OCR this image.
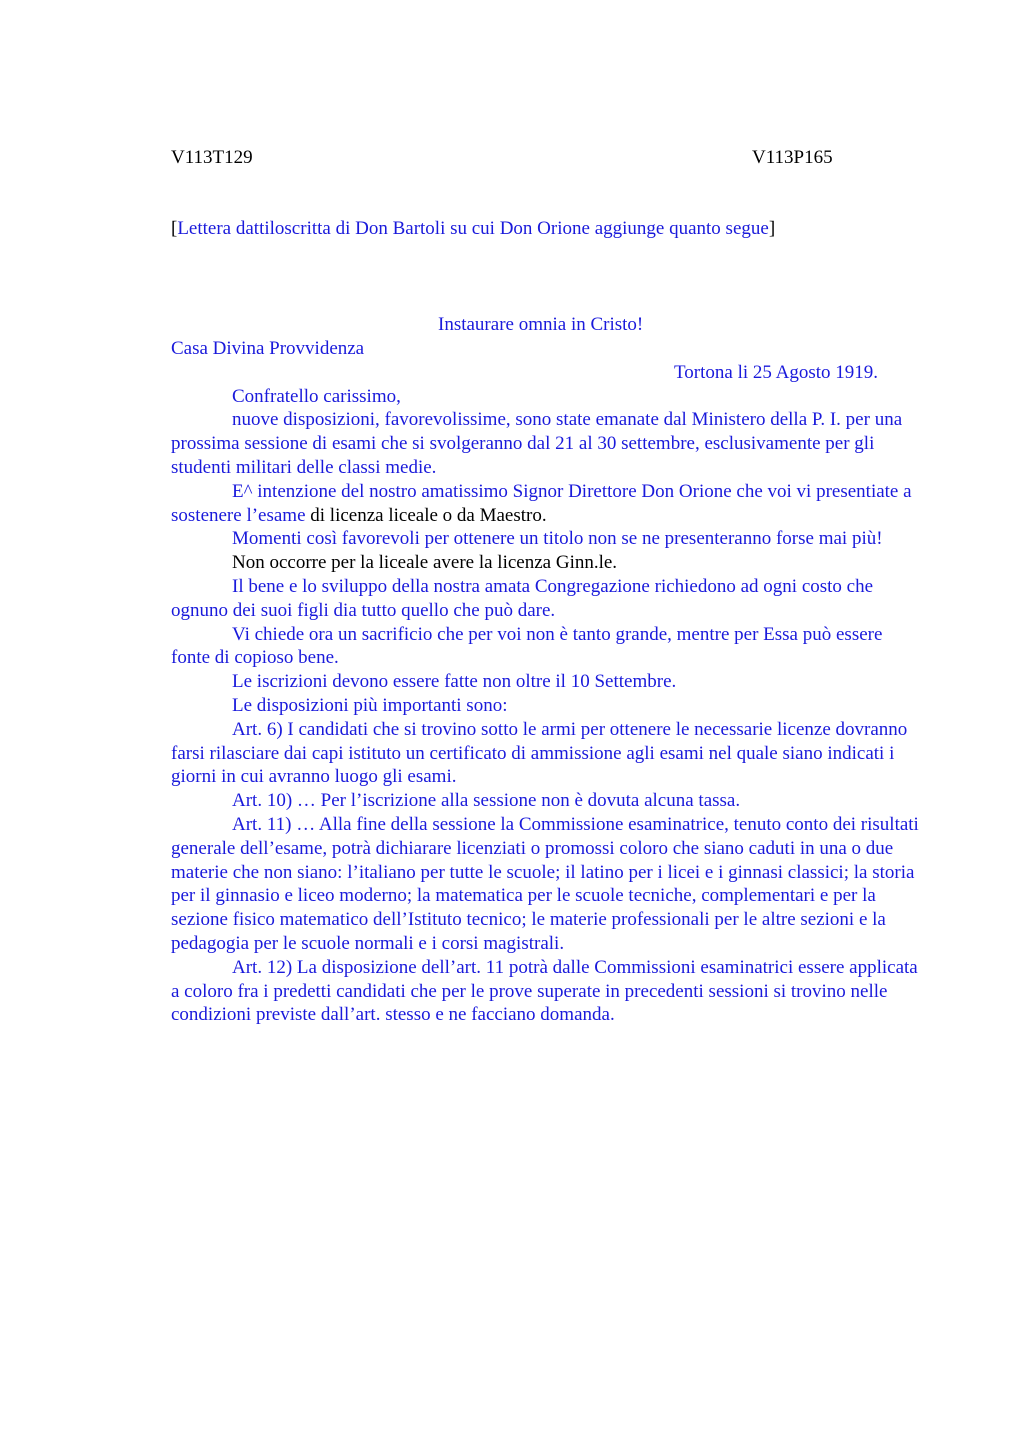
V113T129	V113P165
[Lettera dattiloscritta di Don Bartoli su cui Don Orione aggiunge quanto segue]
Instaurare omnia in Cristo!

Casa Divina Provvidenza

Tortona li 25 Agosto 1919.

Confratello carissimo,

nuove disposizioni, favorevolissime, sono state emanate dal Ministero della P. I. per una prossima sessione di esami che si svolgeranno dal 21 al 30 settembre, esclusivamente per gli studenti militari delle classi medie.

E^ intenzione del nostro amatissimo Signor Direttore Don Orione che voi vi presentiate a sostenere l’esame di licenza liceale o da Maestro.

Momenti così favorevoli per ottenere un titolo non se ne presenteranno forse mai più!

Non occorre per la liceale avere la licenza Ginn.le.

Il bene e lo sviluppo della nostra amata Congregazione richiedono ad ogni costo che ognuno dei suoi figli dia tutto quello che può dare.

Vi chiede ora un sacrificio che per voi non è tanto grande, mentre per Essa può essere fonte di copioso bene.

Le iscrizioni devono essere fatte non oltre il 10 Settembre.

Le disposizioni più importanti sono:

Art. 6) I candidati che si trovino sotto le armi per ottenere le necessarie licenze dovranno farsi rilasciare dai capi istituto un certificato di ammissione agli esami nel quale siano indicati i giorni in cui avranno luogo gli esami.

Art. 10) … Per l’iscrizione alla sessione non è dovuta alcuna tassa.

Art. 11) … Alla fine della sessione la Commissione esaminatrice, tenuto conto dei risultati generale dell’esame, potrà dichiarare licenziati o promossi coloro che siano caduti in una o due materie che non siano: l’italiano per tutte le scuole; il latino per i licei e i ginnasi classici; la storia per il ginnasio e liceo moderno; la matematica per le scuole tecniche, complementari e per la sezione fisico matematico dell’Istituto tecnico; le materie professionali per le altre sezioni e la pedagogia per le scuole normali e i corsi magistrali.

Art. 12) La disposizione dell’art. 11 potrà dalle Commissioni esaminatrici essere applicata a coloro fra i predetti candidati che per le prove superate in precedenti sessioni si trovino nelle condizioni previste dall’art. stesso e ne facciano domanda.
